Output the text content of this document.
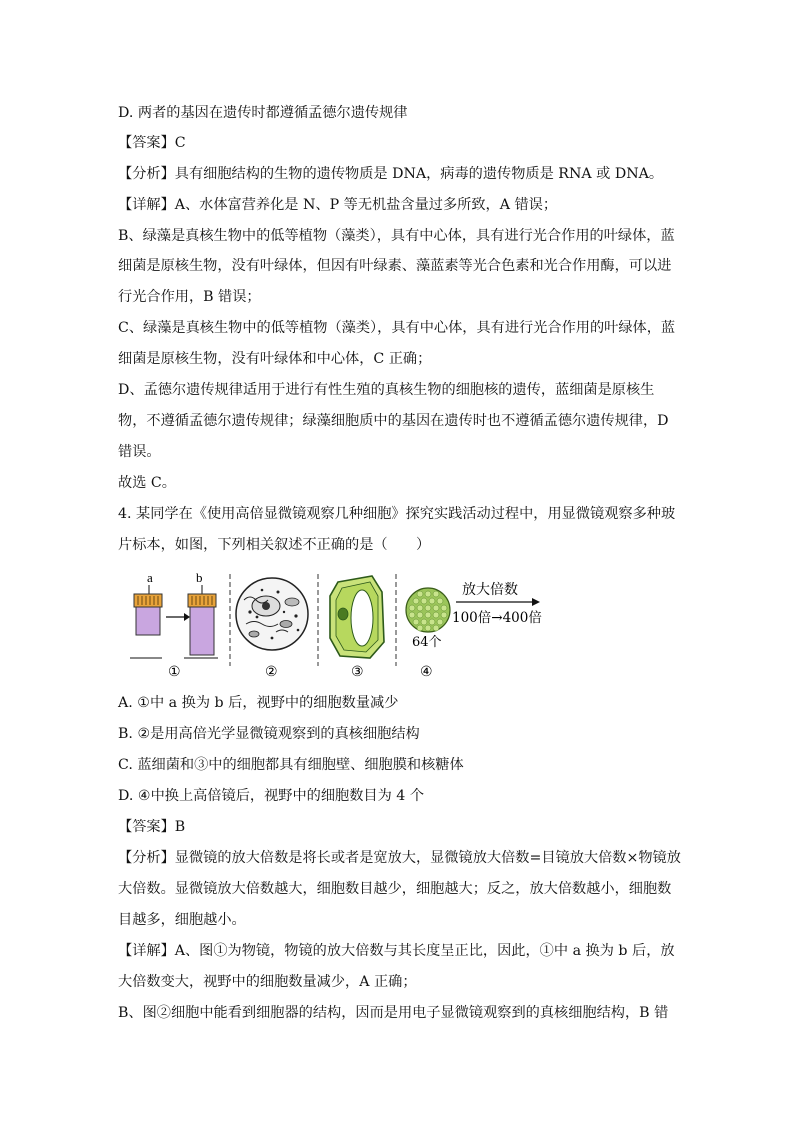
D. 两者的基因在遗传时都遵循孟德尔遗传规律
【答案】C
【分析】具有细胞结构的生物的遗传物质是 DNA，病毒的遗传物质是 RNA 或 DNA。
【详解】A、水体富营养化是 N、P 等无机盐含量过多所致，A 错误；
B、绿藻是真核生物中的低等植物（藻类），具有中心体，具有进行光合作用的叶绿体，蓝
细菌是原核生物，没有叶绿体，但因有叶绿素、藻蓝素等光合色素和光合作用酶，可以进
行光合作用，B 错误；
C、绿藻是真核生物中的低等植物（藻类），具有中心体，具有进行光合作用的叶绿体，蓝
细菌是原核生物，没有叶绿体和中心体，C 正确；
D、孟德尔遗传规律适用于进行有性生殖的真核生物的细胞核的遗传，蓝细菌是原核生
物，不遵循孟德尔遗传规律；绿藻细胞质中的基因在遗传时也不遵循孟德尔遗传规律，D
错误。
故选 C。
4. 某同学在《使用高倍显微镜观察几种细胞》探究实践活动过程中，用显微镜观察多种玻
片标本，如图，下列相关叙述不正确的是（　　）
a	b
①	②	③
64个
④
放大倍数
100倍→400倍
A. ①中 a 换为 b 后，视野中的细胞数量减少
B. ②是用高倍光学显微镜观察到的真核细胞结构
C. 蓝细菌和③中的细胞都具有细胞壁、细胞膜和核糖体
D. ④中换上高倍镜后，视野中的细胞数目为 4 个
【答案】B
【分析】显微镜的放大倍数是将长或者是宽放大，显微镜放大倍数=目镜放大倍数×物镜放
大倍数。显微镜放大倍数越大，细胞数目越少，细胞越大；反之，放大倍数越小，细胞数
目越多，细胞越小。
【详解】A、图①为物镜，物镜的放大倍数与其长度呈正比，因此，①中 a 换为 b 后，放
大倍数变大，视野中的细胞数量减少，A 正确；
B、图②细胞中能看到细胞器的结构，因而是用电子显微镜观察到的真核细胞结构，B 错
